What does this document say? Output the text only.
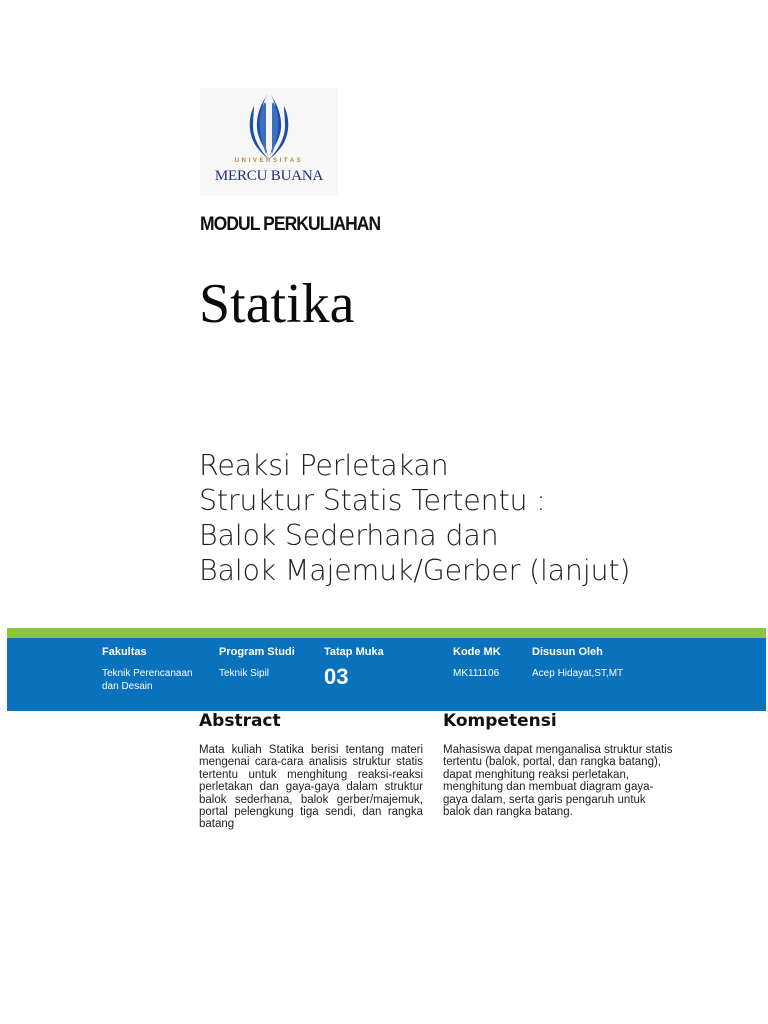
UNIVERSITAS
MERCU BUANA
MODUL PERKULIAHAN
Statika
Reaksi Perletakan
Struktur Statis Tertentu :
Balok Sederhana dan
Balok Majemuk/Gerber (lanjut)
Fakultas
Teknik Perencanaan
dan Desain
Program Studi
Teknik Sipil
Tatap Muka
03
Kode MK
MK111106
Disusun Oleh
Acep Hidayat,ST,MT
Abstract
Mata kuliah Statika berisi tentang materi mengenai cara-cara analisis struktur statis tertentu untuk menghitung reaksi-reaksi perletakan dan gaya-gaya dalam struktur balok sederhana, balok gerber/majemuk, portal pelengkung tiga sendi, dan rangka batang
Kompetensi
Mahasiswa dapat menganalisa struktur statis tertentu (balok, portal, dan rangka batang), dapat menghitung reaksi perletakan, menghitung dan membuat diagram gaya-gaya dalam, serta garis pengaruh untuk balok dan rangka batang.
